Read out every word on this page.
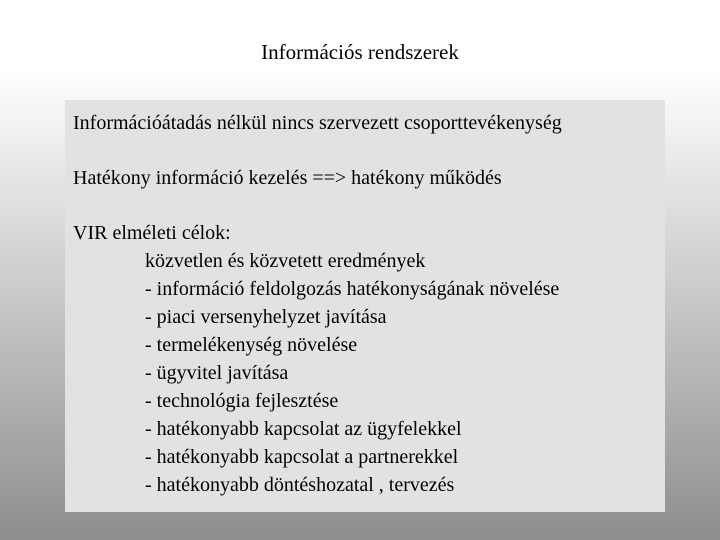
Információs rendszerek

Információátadás nélkül nincs szervezett csoporttevékenység

Hatékony információ kezelés ==> hatékony működés

VIR elméleti célok:

közvetlen és közvetett eredmények
- információ feldolgozás hatékonyságának növelése
- piaci versenyhelyzet javítása
- termelékenység növelése
- ügyvitel javítása
- technológia fejlesztése
- hatékonyabb kapcsolat az ügyfelekkel
- hatékonyabb kapcsolat a partnerekkel
- hatékonyabb döntéshozatal , tervezés
